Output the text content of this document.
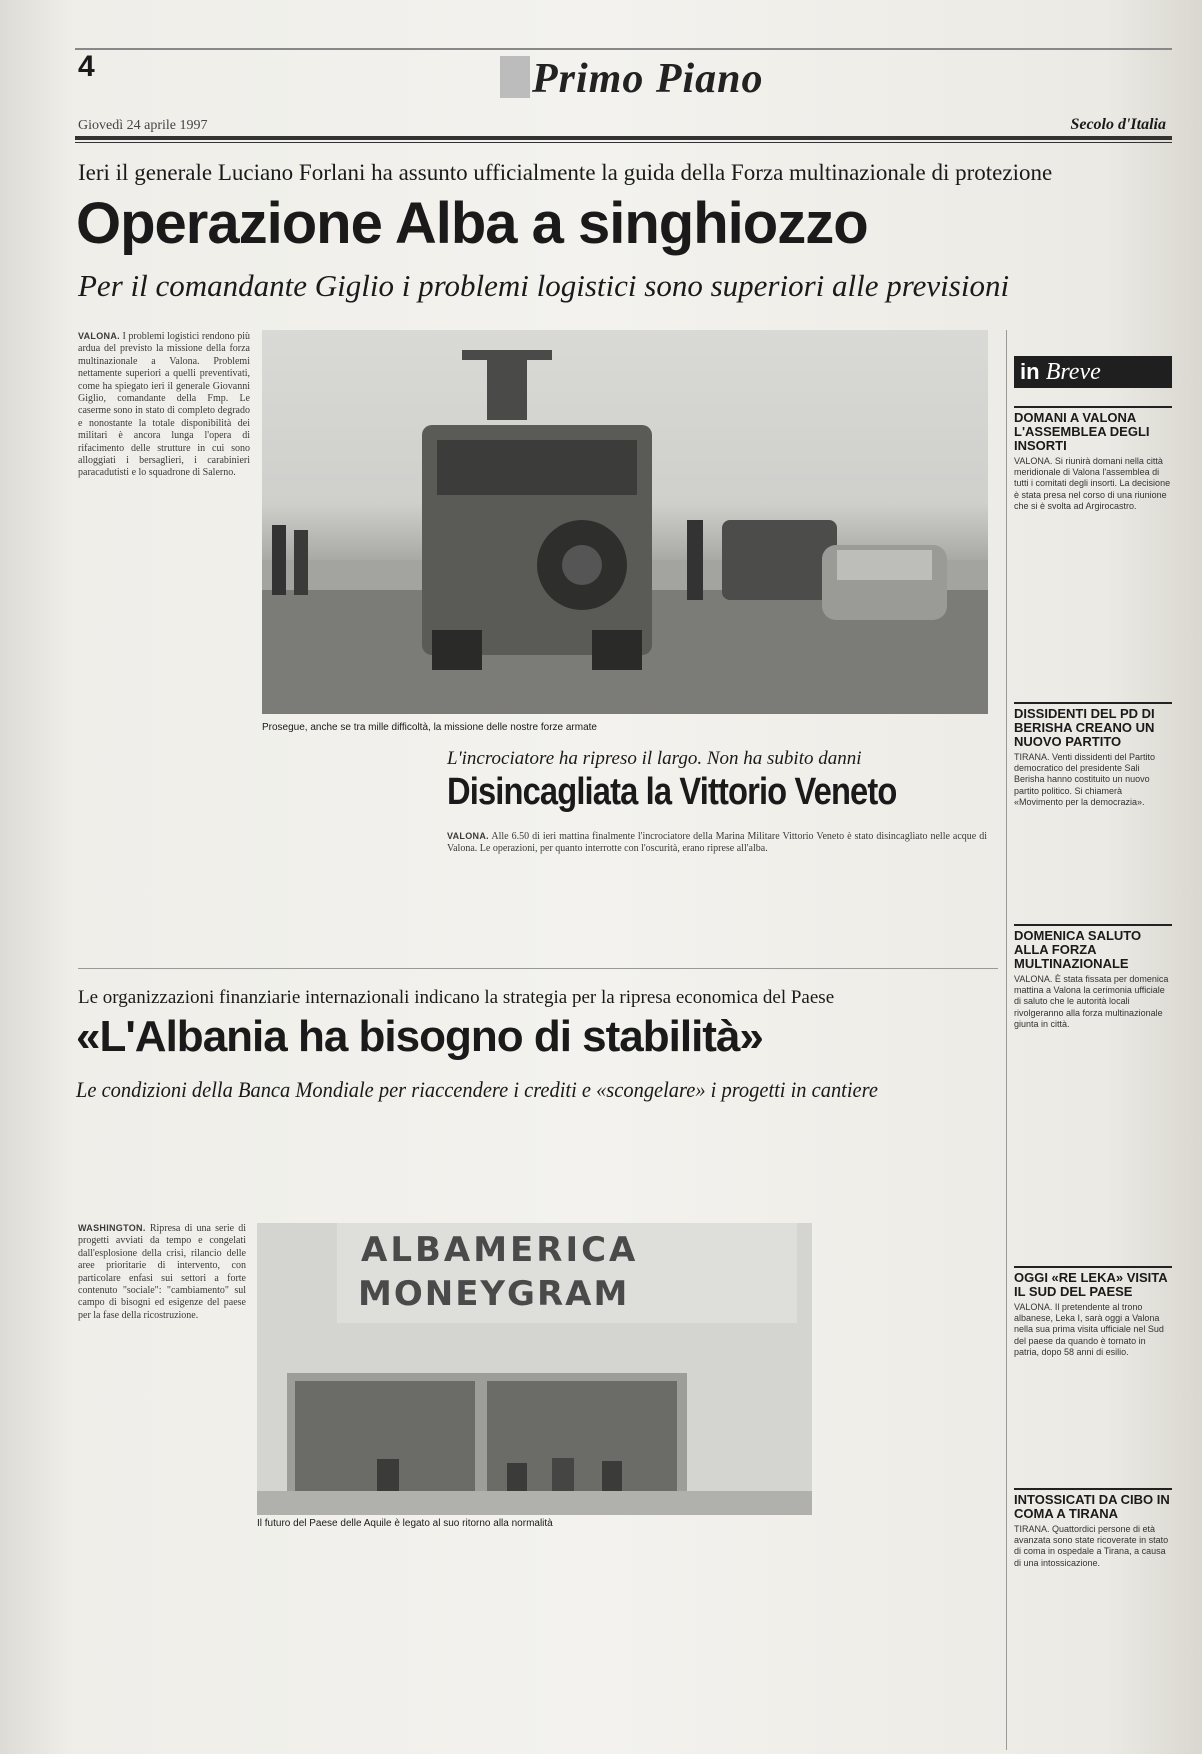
4	Primo Piano
Giovedì 24 aprile 1997	Secolo d'Italia
Ieri il generale Luciano Forlani ha assunto ufficialmente la guida della Forza multinazionale di protezione
Operazione Alba a singhiozzo
Per il comandante Giglio i problemi logistici sono superiori alle previsioni
VALONA. I problemi logistici rendono più ardua del previsto la missione della forza multinazionale a Valona. Problemi nettamente superiori a quelli preventivati, come ha spiegato ieri il generale Giovanni Giglio, comandante della Fmp. Le caserme sono in stato di completo degrado e nonostante la totale disponibilità dei militari è ancora lunga l'opera di rifacimento delle strutture in cui sono alloggiati i bersaglieri, i carabinieri paracadutisti e lo squadrone di Salerno.
Prosegue, anche se tra mille difficoltà, la missione delle nostre forze armate
L'incrociatore ha ripreso il largo. Non ha subito danni
Disincagliata la Vittorio Veneto
VALONA. Alle 6.50 di ieri mattina finalmente l'incrociatore della Marina Militare Vittorio Veneto è stato disincagliato nelle acque di Valona. Le operazioni, per quanto interrotte con l'oscurità, erano riprese all'alba.
Le organizzazioni finanziarie internazionali indicano la strategia per la ripresa economica del Paese
«L'Albania ha bisogno di stabilità»
Le condizioni della Banca Mondiale per riaccendere i crediti e «scongelare» i progetti in cantiere
WASHINGTON. Ripresa di una serie di progetti avviati da tempo e congelati dall'esplosione della crisi, rilancio delle aree prioritarie di intervento, con particolare enfasi sui settori a forte contenuto "sociale": "cambiamento" sul campo di bisogni ed esigenze del paese per la fase della ricostruzione.
ALBAMERICA
MONEYGRAM
Il futuro del Paese delle Aquile è legato al suo ritorno alla normalità
in Breve
DOMANI A VALONA L'ASSEMBLEA DEGLI INSORTI
VALONA. Si riunirà domani nella città meridionale di Valona l'assemblea di tutti i comitati degli insorti. La decisione è stata presa nel corso di una riunione che si è svolta ad Argirocastro.
DISSIDENTI DEL PD DI BERISHA CREANO UN NUOVO PARTITO
TIRANA. Venti dissidenti del Partito democratico del presidente Sali Berisha hanno costituito un nuovo partito politico. Si chiamerà «Movimento per la democrazia».
DOMENICA SALUTO ALLA FORZA MULTINAZIONALE
VALONA. È stata fissata per domenica mattina a Valona la cerimonia ufficiale di saluto che le autorità locali rivolgeranno alla forza multinazionale giunta in città.
OGGI «RE LEKA» VISITA IL SUD DEL PAESE
VALONA. Il pretendente al trono albanese, Leka I, sarà oggi a Valona nella sua prima visita ufficiale nel Sud del paese da quando è tornato in patria, dopo 58 anni di esilio.
INTOSSICATI DA CIBO IN COMA A TIRANA
TIRANA. Quattordici persone di età avanzata sono state ricoverate in stato di coma in ospedale a Tirana, a causa di una intossicazione.
